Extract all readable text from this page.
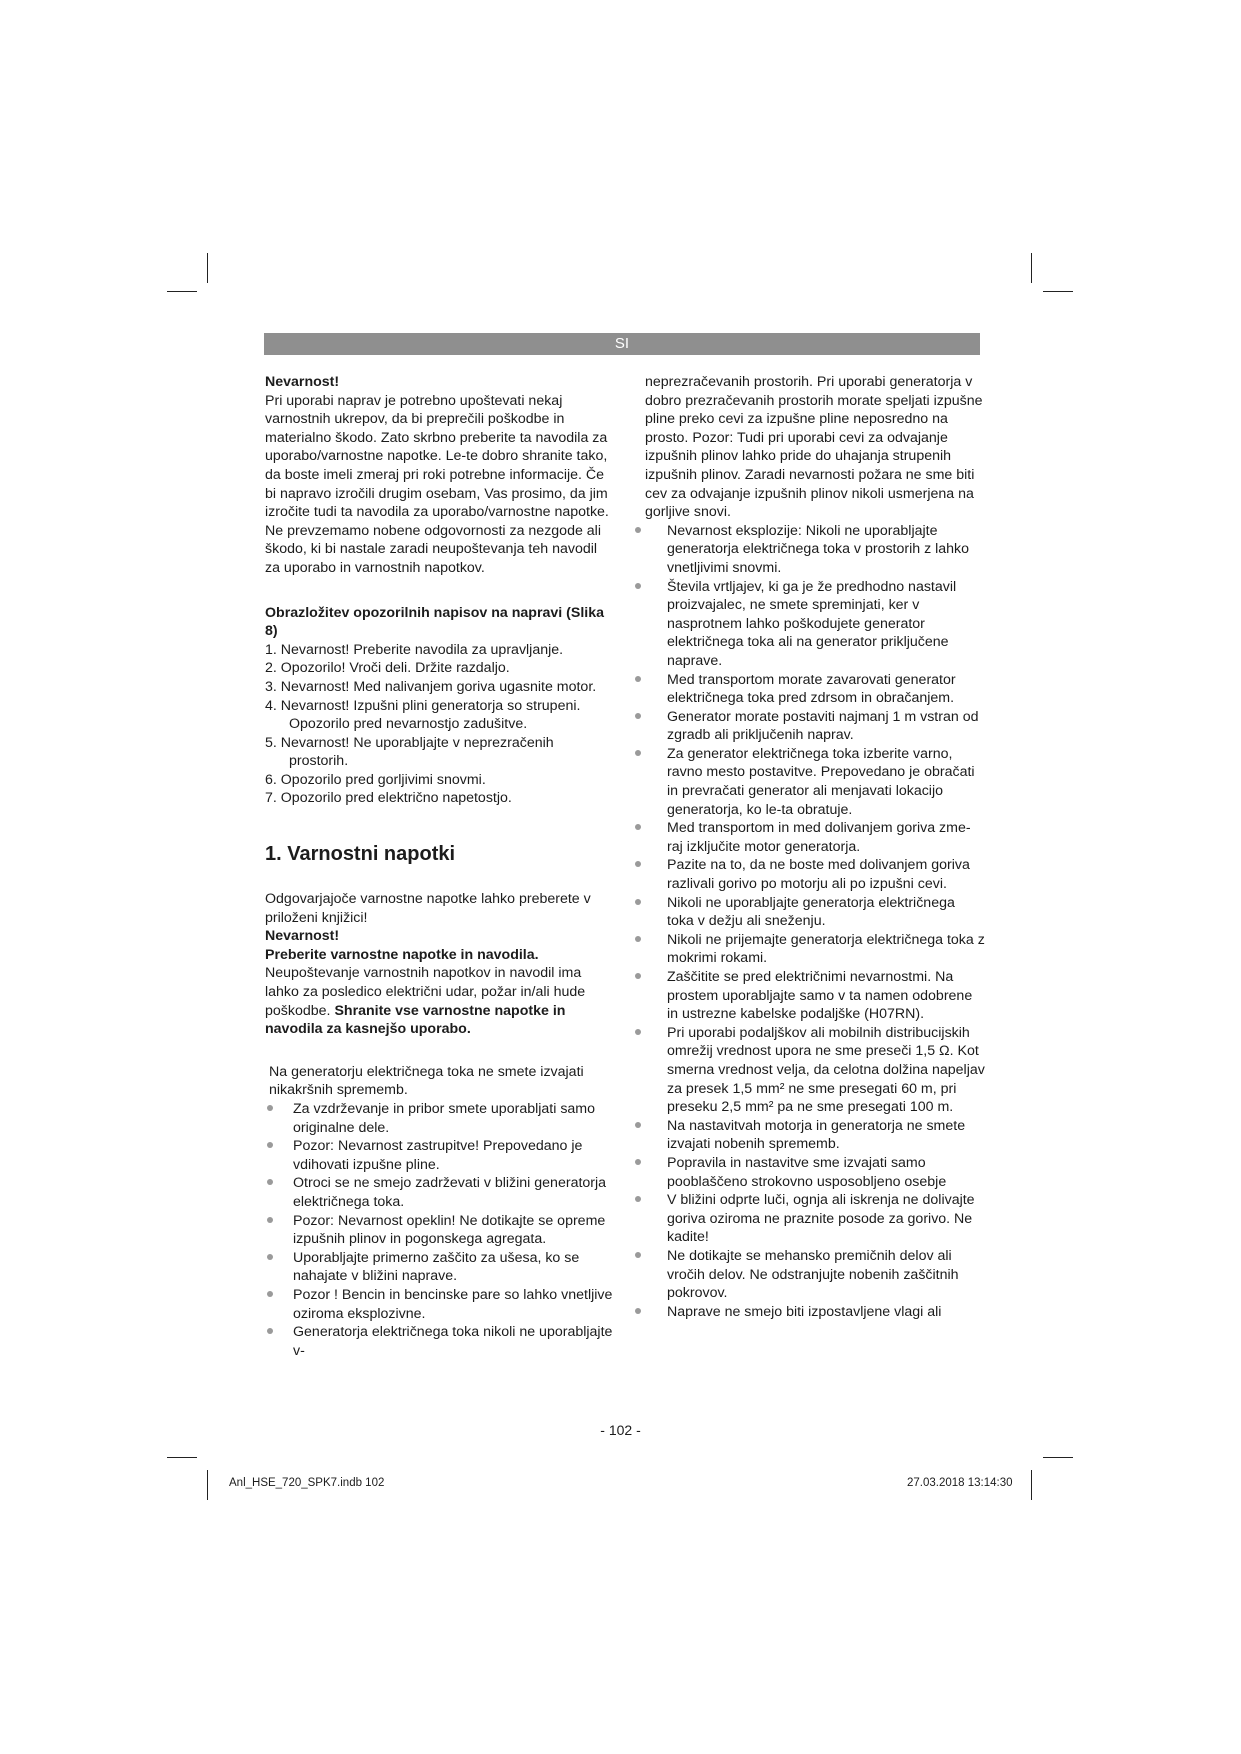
SI

Nevarnost!

Pri uporabi naprav je potrebno upoštevati nekaj varnostnih ukrepov, da bi preprečili poškodbe in materialno škodo. Zato skrbno preberite ta navodila za uporabo/varnostne napotke. Le-te dobro shranite tako, da boste imeli zmeraj pri roki potrebne informacije. Če bi napravo izročili drugim osebam, Vas prosimo, da jim izročite tudi ta navodila za uporabo/varnostne napotke. Ne prevzemamo nobene odgovornosti za nezgode ali škodo, ki bi nastale zaradi neupoštevanja teh navodil za uporabo in varnostnih napotkov.

Obrazložitev opozorilnih napisov na napravi (Slika 8)

1. Nevarnost! Preberite navodila za upravljanje.
2. Opozorilo! Vroči deli. Držite razdaljo.
3. Nevarnost! Med nalivanjem goriva ugasnite motor.
4. Nevarnost! Izpušni plini generatorja so strupeni. Opozorilo pred nevarnostjo zadušitve.
5. Nevarnost! Ne uporabljajte v neprezračenih prostorih.
6. Opozorilo pred gorljivimi snovmi.
7. Opozorilo pred električno napetostjo.
1. Varnostni napotki

Odgovarjajoče varnostne napotke lahko preberete v priloženi knjižici!

Nevarnost!

Preberite varnostne napotke in navodila.

Neupoštevanje varnostnih napotkov in navodil ima lahko za posledico električni udar, požar in/ali hude poškodbe. Shranite vse varnostne napotke in navodila za kasnejšo uporabo.

Na generatorju električnega toka ne smete izvajati nikakršnih sprememb.

Za vzdrževanje in pribor smete uporabljati samo originalne dele.
Pozor: Nevarnost zastrupitve! Prepovedano je vdihovati izpušne pline.
Otroci se ne smejo zadrževati v bližini generatorja električnega toka.
Pozor: Nevarnost opeklin! Ne dotikajte se opreme izpušnih plinov in pogonskega agregata.
Uporabljajte primerno zaščito za ušesa, ko se nahajate v bližini naprave.
Pozor ! Bencin in bencinske pare so lahko vnetljive oziroma eksplozivne.
Generatorja električnega toka nikoli ne uporabljajte v-

neprezračevanih prostorih. Pri uporabi generatorja v dobro prezračevanih prostorih morate speljati izpušne pline preko cevi za izpušne pline neposredno na prosto. Pozor: Tudi pri uporabi cevi za odvajanje izpušnih plinov lahko pride do uhajanja strupenih izpušnih plinov. Zaradi nevarnosti požara ne sme biti cev za odvajanje izpušnih plinov nikoli usmerjena na gorljive snovi.

Nevarnost eksplozije: Nikoli ne uporabljajte generatorja električnega toka v prostorih z lahko vnetljivimi snovmi.
Števila vrtljajev, ki ga je že predhodno nastavil proizvajalec, ne smete spreminjati, ker v nasprotnem lahko poškodujete generator električnega toka ali na generator priključene naprave.
Med transportom morate zavarovati generator električnega toka pred zdrsom in obračanjem.
Generator morate postaviti najmanj 1 m vstran od zgradb ali priključenih naprav.
Za generator električnega toka izberite varno, ravno mesto postavitve. Prepovedano je obračati in prevračati generator ali menjavati lokacijo generatorja, ko le-ta obratuje.
Med transportom in med dolivanjem goriva zme-raj izključite motor generatorja.
Pazite na to, da ne boste med dolivanjem goriva razlivali gorivo po motorju ali po izpušni cevi.
Nikoli ne uporabljajte generatorja električnega toka v dežju ali sneženju.
Nikoli ne prijemajte generatorja električnega toka z mokrimi rokami.
Zaščitite se pred električnimi nevarnostmi. Na prostem uporabljajte samo v ta namen odobrene in ustrezne kabelske podaljške (H07RN).
Pri uporabi podaljškov ali mobilnih distribucijskih omrežij vrednost upora ne sme preseči 1,5 Ω. Kot smerna vrednost velja, da celotna dolžina napeljav za presek 1,5 mm² ne sme presegati 60 m, pri preseku 2,5 mm² pa ne sme presegati 100 m.
Na nastavitvah motorja in generatorja ne smete izvajati nobenih sprememb.
Popravila in nastavitve sme izvajati samo pooblaščeno strokovno usposobljeno osebje
V bližini odprte luči, ognja ali iskrenja ne dolivajte goriva oziroma ne praznite posode za gorivo. Ne kadite!
Ne dotikajte se mehansko premičnih delov ali vročih delov. Ne odstranjujte nobenih zaščitnih pokrovov.
Naprave ne smejo biti izpostavljene vlagi ali
- 102 -
Anl_HSE_720_SPK7.indb 102	27.03.2018 13:14:30
